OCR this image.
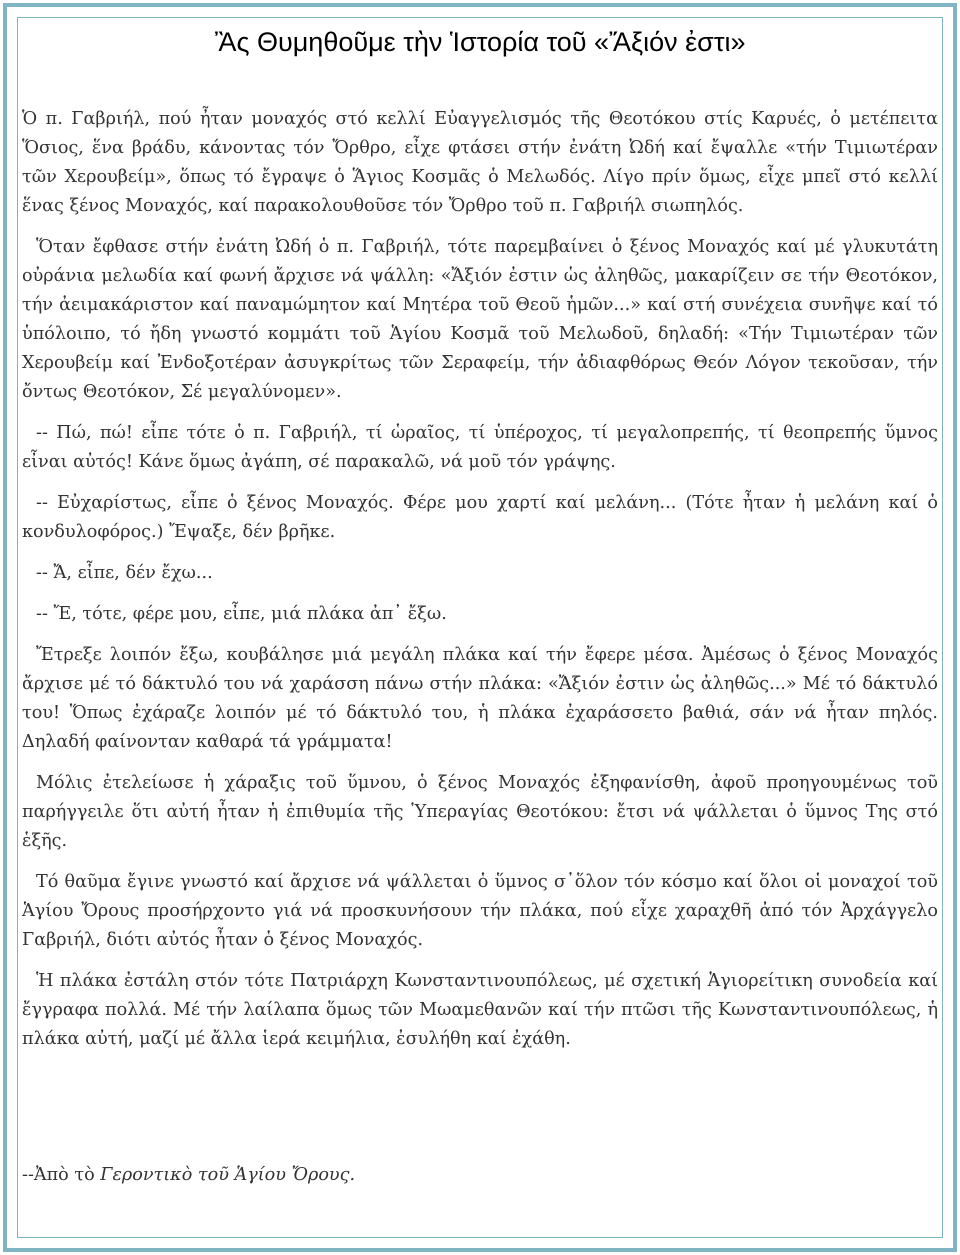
Ἂς Θυμηθοῦμε τὴν Ἱστορία τοῦ «Ἄξιόν ἐστι»

Ὁ π. Γαβριήλ, πού ἦταν μοναχός στό κελλί Εὐαγγελισμός τῆς Θεοτόκου στίς Καρυές, ὁ μετέπειτα Ὅσιος, ἕνα βράδυ, κάνοντας τόν Ὄρθρο, εἶχε φτάσει στήν ἐνάτη Ὠδή καί ἔψαλλε «τήν Τιμιωτέραν τῶν Χερουβείμ», ὅπως τό ἔγραψε ὁ Ἅγιος Κοσμᾶς ὁ Μελωδός. Λίγο πρίν ὅμως, εἶχε μπεῖ στό κελλί ἕνας ξένος Μοναχός, καί παρακολουθοῦσε τόν Ὄρθρο τοῦ π. Γαβριήλ σιωπηλός.

Ὅταν ἔφθασε στήν ἐνάτη Ὠδή ὁ π. Γαβριήλ, τότε παρεμβαίνει ὁ ξένος Μοναχός καί μέ γλυκυτάτη οὐράνια μελωδία καί φωνή ἄρχισε νά ψάλλη: «Ἄξιόν ἐστιν ὡς ἀληθῶς, μακαρίζειν σε τήν Θεοτόκον, τήν ἀειμακάριστον καί παναμώμητον καί Μητέρα τοῦ Θεοῦ ἡμῶν...» καί στή συνέχεια συνῆψε καί τό ὑπόλοιπο, τό ἤδη γνωστό κομμάτι τοῦ Ἁγίου Κοσμᾶ τοῦ Μελωδοῦ, δηλαδή: «Τήν Τιμιωτέραν τῶν Χερουβείμ καί Ἐνδοξοτέραν ἀσυγκρίτως τῶν Σεραφείμ, τήν ἀδιαφθόρως Θεόν Λόγον τεκοῦσαν, τήν ὄντως Θεοτόκον, Σέ μεγαλύνομεν».

-- Πώ, πώ! εἶπε τότε ὁ π. Γαβριήλ, τί ὡραῖος, τί ὑπέροχος, τί μεγαλοπρεπής, τί θεοπρεπής ὕμνος εἶναι αὐτός! Κάνε ὅμως ἀγάπη, σέ παρακαλῶ, νά μοῦ τόν γράψης.

-- Εὐχαρίστως, εἶπε ὁ ξένος Μοναχός. Φέρε μου χαρτί καί μελάνη... (Τότε ἦταν ἡ μελάνη καί ὁ κονδυλοφόρος.) Ἔψαξε, δέν βρῆκε.

-- Ἄ, εἶπε, δέν ἔχω...

-- Ἔ, τότε, φέρε μου, εἶπε, μιά πλάκα ἀπ᾽ ἔξω.

Ἔτρεξε λοιπόν ἔξω, κουβάλησε μιά μεγάλη πλάκα καί τήν ἔφερε μέσα. Ἀμέσως ὁ ξένος Μοναχός ἄρχισε μέ τό δάκτυλό του νά χαράσση πάνω στήν πλάκα: «Ἄξιόν ἐστιν ὡς ἀληθῶς...» Μέ τό δάκτυλό του! Ὅπως ἐχάραζε λοιπόν μέ τό δάκτυλό του, ἡ πλάκα ἐχαράσσετο βαθιά, σάν νά ἦταν πηλός. Δηλαδή φαίνονταν καθαρά τά γράμματα!

Μόλις ἐτελείωσε ἡ χάραξις τοῦ ὕμνου, ὁ ξένος Μοναχός ἐξηφανίσθη, ἀφοῦ προηγουμένως τοῦ παρήγγειλε ὅτι αὐτή ἦταν ἡ ἐπιθυμία τῆς Ὑπεραγίας Θεοτόκου: ἔτσι νά ψάλλεται ὁ ὕμνος Της στό ἑξῆς.

Τό θαῦμα ἔγινε γνωστό καί ἄρχισε νά ψάλλεται ὁ ὕμνος σ᾽ὅλον τόν κόσμο καί ὅλοι οἱ μοναχοί τοῦ Ἁγίου Ὄρους προσήρχοντο γιά νά προσκυνήσουν τήν πλάκα, πού εἶχε χαραχθῆ ἀπό τόν Ἀρχάγγελο Γαβριήλ, διότι αὐτός ἦταν ὁ ξένος Μοναχός.

Ἡ πλάκα ἐστάλη στόν τότε Πατριάρχη Κωνσταντινουπόλεως, μέ σχετική Ἁγιορείτικη συνοδεία καί ἔγγραφα πολλά. Μέ τήν λαίλαπα ὅμως τῶν Μωαμεθανῶν καί τήν πτῶσι τῆς Κωνσταντινουπόλεως, ἡ πλάκα αὐτή, μαζί μέ ἄλλα ἱερά κειμήλια, ἐσυλήθη καί ἐχάθη.

--Ἀπὸ τὸ Γεροντικὸ τοῦ Ἁγίου Ὄρους.
